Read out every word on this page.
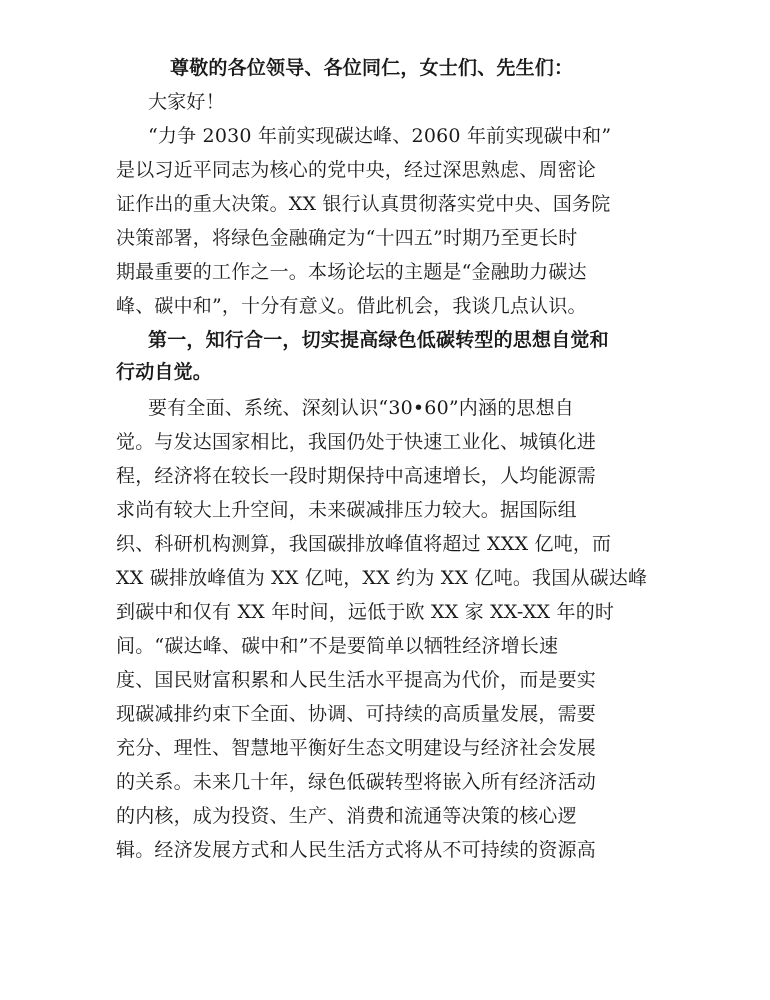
尊敬的各位领导、各位同仁，女士们、先生们：
大家好！
“力争 2030 年前实现碳达峰、2060 年前实现碳中和”
是以习近平同志为核心的党中央，经过深思熟虑、周密论
证作出的重大决策。XX 银行认真贯彻落实党中央、国务院
决策部署，将绿色金融确定为“十四五”时期乃至更长时
期最重要的工作之一。本场论坛的主题是“金融助力碳达
峰、碳中和”，十分有意义。借此机会，我谈几点认识。
第一，知行合一，切实提高绿色低碳转型的思想自觉和
行动自觉。
要有全面、系统、深刻认识“30•60”内涵的思想自
觉。与发达国家相比，我国仍处于快速工业化、城镇化进
程，经济将在较长一段时期保持中高速增长，人均能源需
求尚有较大上升空间，未来碳减排压力较大。据国际组
织、科研机构测算，我国碳排放峰值将超过 XXX 亿吨，而
XX 碳排放峰值为 XX 亿吨，XX 约为 XX 亿吨。我国从碳达峰
到碳中和仅有 XX 年时间，远低于欧 XX 家 XX-XX 年的时
间。“碳达峰、碳中和”不是要简单以牺牲经济增长速
度、国民财富积累和人民生活水平提高为代价，而是要实
现碳减排约束下全面、协调、可持续的高质量发展，需要
充分、理性、智慧地平衡好生态文明建设与经济社会发展
的关系。未来几十年，绿色低碳转型将嵌入所有经济活动
的内核，成为投资、生产、消费和流通等决策的核心逻
辑。经济发展方式和人民生活方式将从不可持续的资源高
